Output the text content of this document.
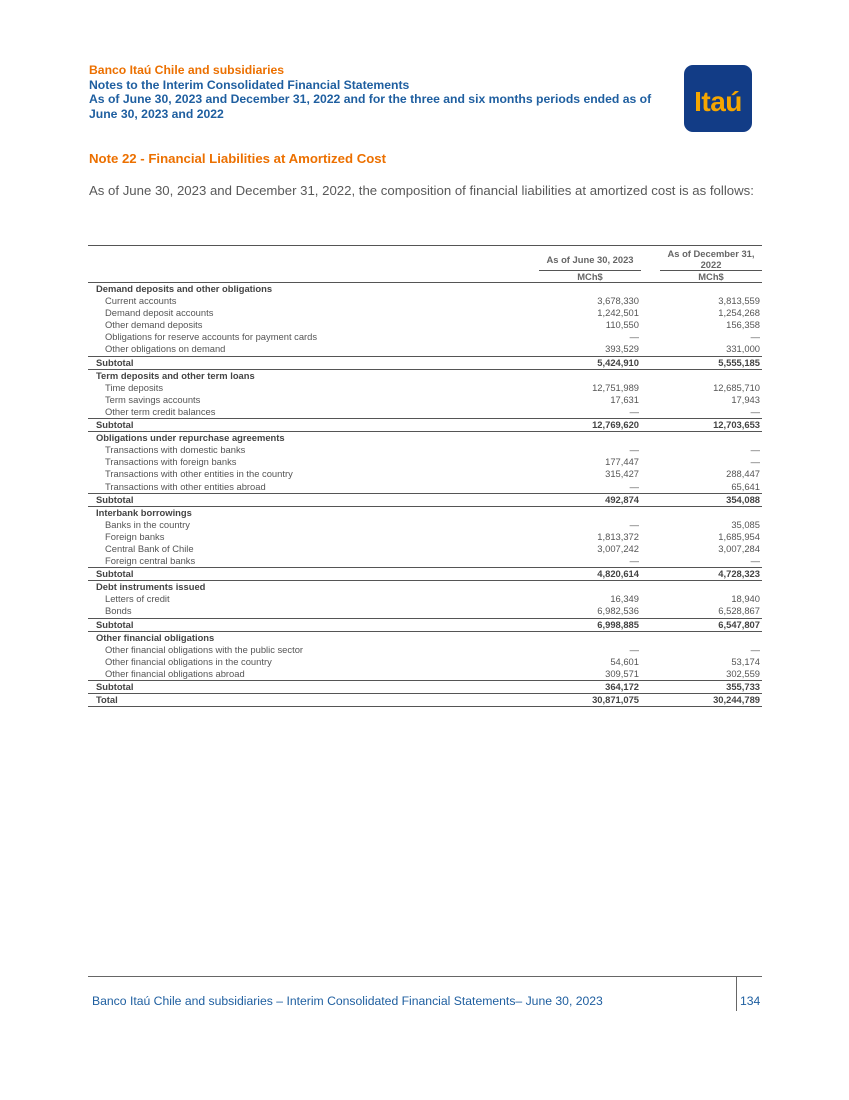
Banco Itaú Chile and subsidiaries
Notes to the Interim Consolidated Financial Statements
As of June 30, 2023 and December 31, 2022 and for the three and six months periods ended as of June 30, 2023 and 2022	Itaú
Note 22 - Financial Liabilities at Amortized Cost
As of June 30, 2023 and December 31, 2022, the composition of financial liabilities at amortized cost is as follows:
	As of June 30, 2023		As of December 31, 2022
	MCh$		MCh$

Demand deposits and other obligations			
Current accounts	3,678,330		3,813,559
Demand deposit accounts	1,242,501		1,254,268
Other demand deposits	110,550		156,358
Obligations for reserve accounts for payment cards	—		—
Other obligations on demand	393,529		331,000
Subtotal	5,424,910		5,555,185
Term deposits and other term loans			
Time deposits	12,751,989		12,685,710
Term savings accounts	17,631		17,943
Other term credit balances	—		—
Subtotal	12,769,620		12,703,653
Obligations under repurchase agreements			
Transactions with domestic banks	—		—
Transactions with foreign banks	177,447		—
Transactions with other entities in the country	315,427		288,447
Transactions with other entities abroad	—		65,641
Subtotal	492,874		354,088
Interbank borrowings			
Banks in the country	—		35,085
Foreign banks	1,813,372		1,685,954
Central Bank of Chile	3,007,242		3,007,284
Foreign central banks	—		—
Subtotal	4,820,614		4,728,323
Debt instruments issued			
Letters of credit	16,349		18,940
Bonds	6,982,536		6,528,867
Subtotal	6,998,885		6,547,807
Other financial obligations			
Other financial obligations with the public sector	—		—
Other financial obligations in the country	54,601		53,174
Other financial obligations abroad	309,571		302,559
Subtotal	364,172		355,733
Total	30,871,075		30,244,789
Banco Itaú Chile and subsidiaries – Interim Consolidated Financial Statements– June 30, 2023	134
